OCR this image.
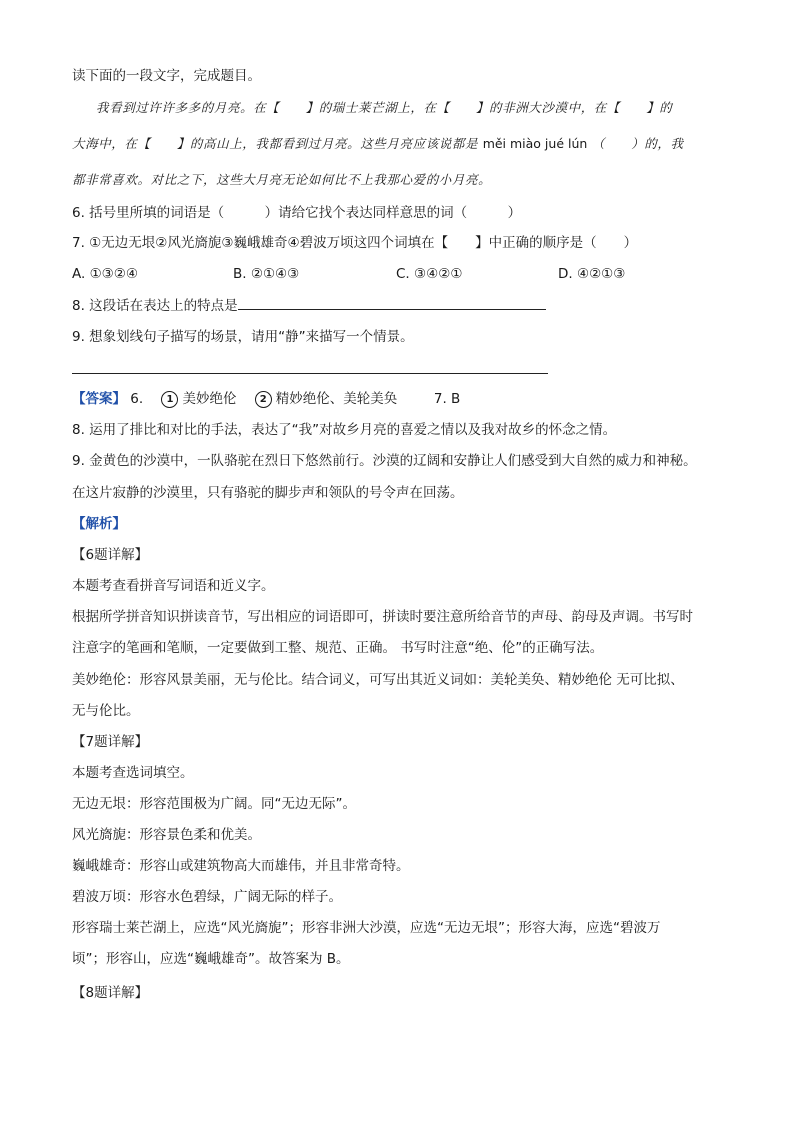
读下面的一段文字，完成题目。
我看到过许许多多的月亮。在【　　】的瑞士莱芒湖上，在【　　】的非洲大沙漠中，在【　　】的
大海中，在【　　】的高山上，我都看到过月亮。这些月亮应该说都是 měi miào jué lún （　　）的，我
都非常喜欢。对比之下，这些大月亮无论如何比不上我那心爱的小月亮。
6. 括号里所填的词语是（　　　）请给它找个表达同样意思的词（　　　）
7. ①无边无垠②风光旖旎③巍峨雄奇④碧波万顷这四个词填在【　　】中正确的顺序是（　　）
A. ①③②④	B. ②①④③	C. ③④②①	D. ④②①③
8. 这段话在表达上的特点是
9. 想象划线句子描写的场景，请用“静”来描写一个情景。
【答案】 6. 1 美妙绝伦 2 精妙绝伦、美轮美奂	7. B
8. 运用了排比和对比的手法，表达了“我”对故乡月亮的喜爱之情以及我对故乡的怀念之情。
9. 金黄色的沙漠中，一队骆驼在烈日下悠然前行。沙漠的辽阔和安静让人们感受到大自然的威力和神秘。
在这片寂静的沙漠里，只有骆驼的脚步声和领队的号令声在回荡。
【解析】
【6题详解】
本题考查看拼音写词语和近义字。
根据所学拼音知识拼读音节，写出相应的词语即可，拼读时要注意所给音节的声母、韵母及声调。书写时
注意字的笔画和笔顺，一定要做到工整、规范、正确。 书写时注意“绝、伦”的正确写法。
美妙绝伦：形容风景美丽，无与伦比。结合词义，可写出其近义词如：美轮美奂、精妙绝伦 无可比拟、
无与伦比。
【7题详解】
本题考查选词填空。
无边无垠：形容范围极为广阔。同“无边无际”。
风光旖旎：形容景色柔和优美。
巍峨雄奇：形容山或建筑物高大而雄伟，并且非常奇特。
碧波万顷：形容水色碧绿，广阔无际的样子。
形容瑞士莱芒湖上，应选“风光旖旎”；形容非洲大沙漠，应选“无边无垠”；形容大海，应选“碧波万
顷”；形容山，应选“巍峨雄奇”。故答案为 B。
【8题详解】
